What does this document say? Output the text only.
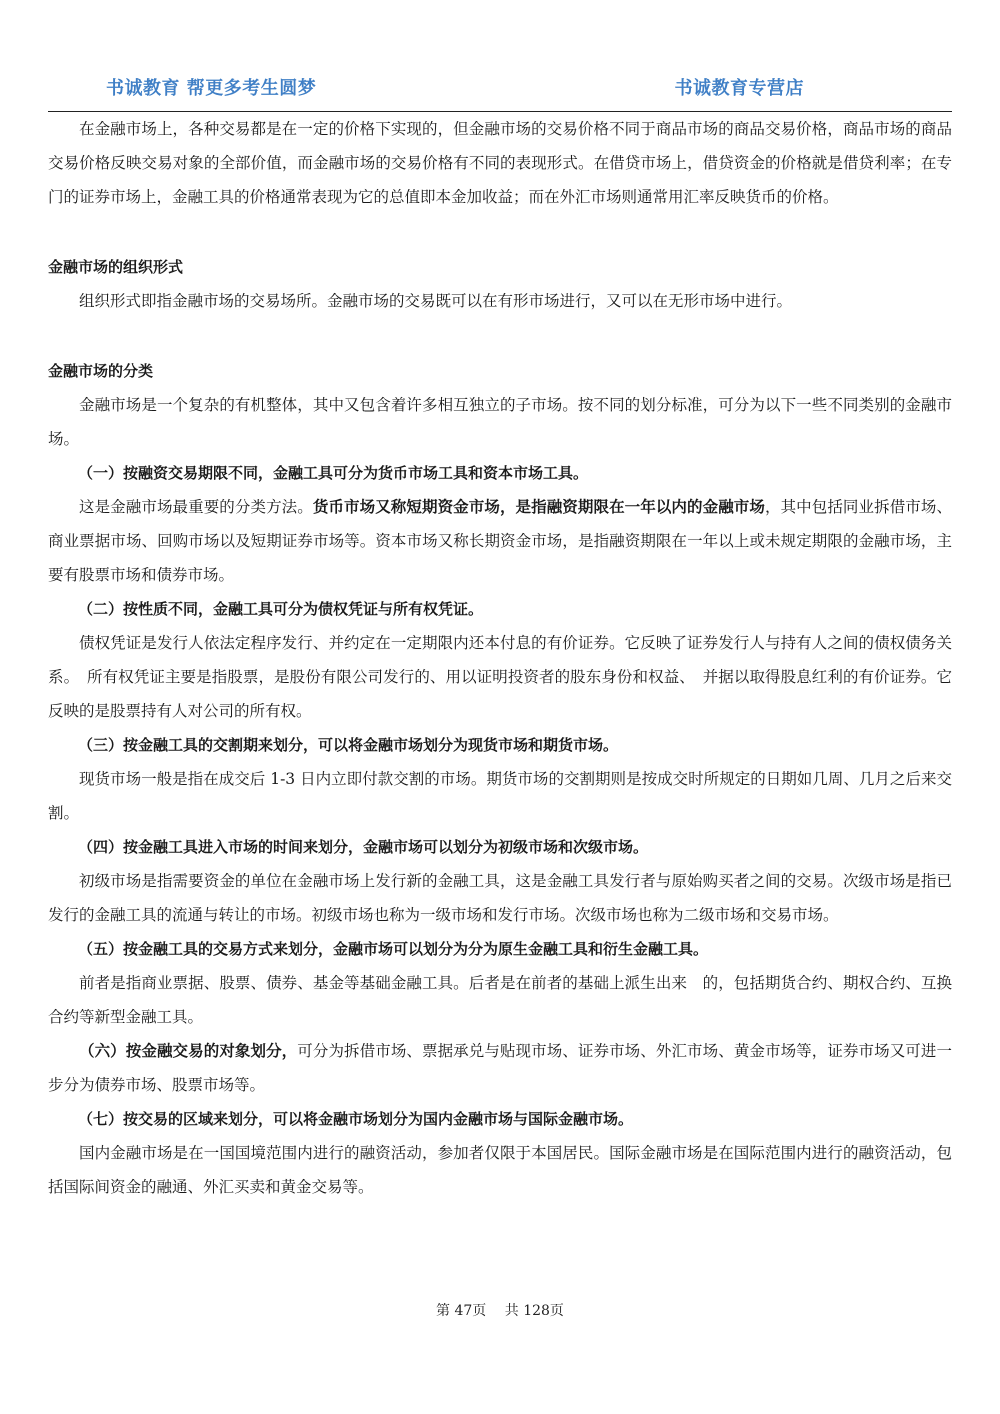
书诚教育 帮更多考生圆梦	书诚教育专营店

在金融市场上，各种交易都是在一定的价格下实现的，但金融市场的交易价格不同于商品市场的商品交易价格，商品市场的商品交易价格反映交易对象的全部价值，而金融市场的交易价格有不同的表现形式。在借贷市场上，借贷资金的价格就是借贷利率；在专门的证券市场上，金融工具的价格通常表现为它的总值即本金加收益；而在外汇市场则通常用汇率反映货币的价格。

金融市场的组织形式

组织形式即指金融市场的交易场所。金融市场的交易既可以在有形市场进行，又可以在无形市场中进行。

金融市场的分类

金融市场是一个复杂的有机整体，其中又包含着许多相互独立的子市场。按不同的划分标准，可分为以下一些不同类别的金融市场。

（一）按融资交易期限不同，金融工具可分为货币市场工具和资本市场工具。

这是金融市场最重要的分类方法。货币市场又称短期资金市场，是指融资期限在一年以内的金融市场，其中包括同业拆借市场、商业票据市场、回购市场以及短期证券市场等。资本市场又称长期资金市场，是指融资期限在一年以上或未规定期限的金融市场，主要有股票市场和债券市场。

（二）按性质不同，金融工具可分为债权凭证与所有权凭证。

债权凭证是发行人依法定程序发行、并约定在一定期限内还本付息的有价证券。它反映了证券发行人与持有人之间的债权债务关系。　所有权凭证主要是指股票，是股份有限公司发行的、用以证明投资者的股东身份和权益、　并据以取得股息红利的有价证券。它反映的是股票持有人对公司的所有权。

（三）按金融工具的交割期来划分，可以将金融市场划分为现货市场和期货市场。

现货市场一般是指在成交后 1-3 日内立即付款交割的市场。期货市场的交割期则是按成交时所规定的日期如几周、几月之后来交割。

（四）按金融工具进入市场的时间来划分，金融市场可以划分为初级市场和次级市场。

初级市场是指需要资金的单位在金融市场上发行新的金融工具，这是金融工具发行者与原始购买者之间的交易。次级市场是指已发行的金融工具的流通与转让的市场。初级市场也称为一级市场和发行市场。次级市场也称为二级市场和交易市场。

（五）按金融工具的交易方式来划分，金融市场可以划分为分为原生金融工具和衍生金融工具。

前者是指商业票据、股票、债券、基金等基础金融工具。后者是在前者的基础上派生出来　的，包括期货合约、期权合约、互换合约等新型金融工具。

（六）按金融交易的对象划分，可分为拆借市场、票据承兑与贴现市场、证券市场、外汇市场、黄金市场等，证券市场又可进一步分为债券市场、股票市场等。

（七）按交易的区域来划分，可以将金融市场划分为国内金融市场与国际金融市场。

国内金融市场是在一国国境范围内进行的融资活动，参加者仅限于本国居民。国际金融市场是在国际范围内进行的融资活动，包括国际间资金的融通、外汇买卖和黄金交易等。

第 47页　 共 128页
